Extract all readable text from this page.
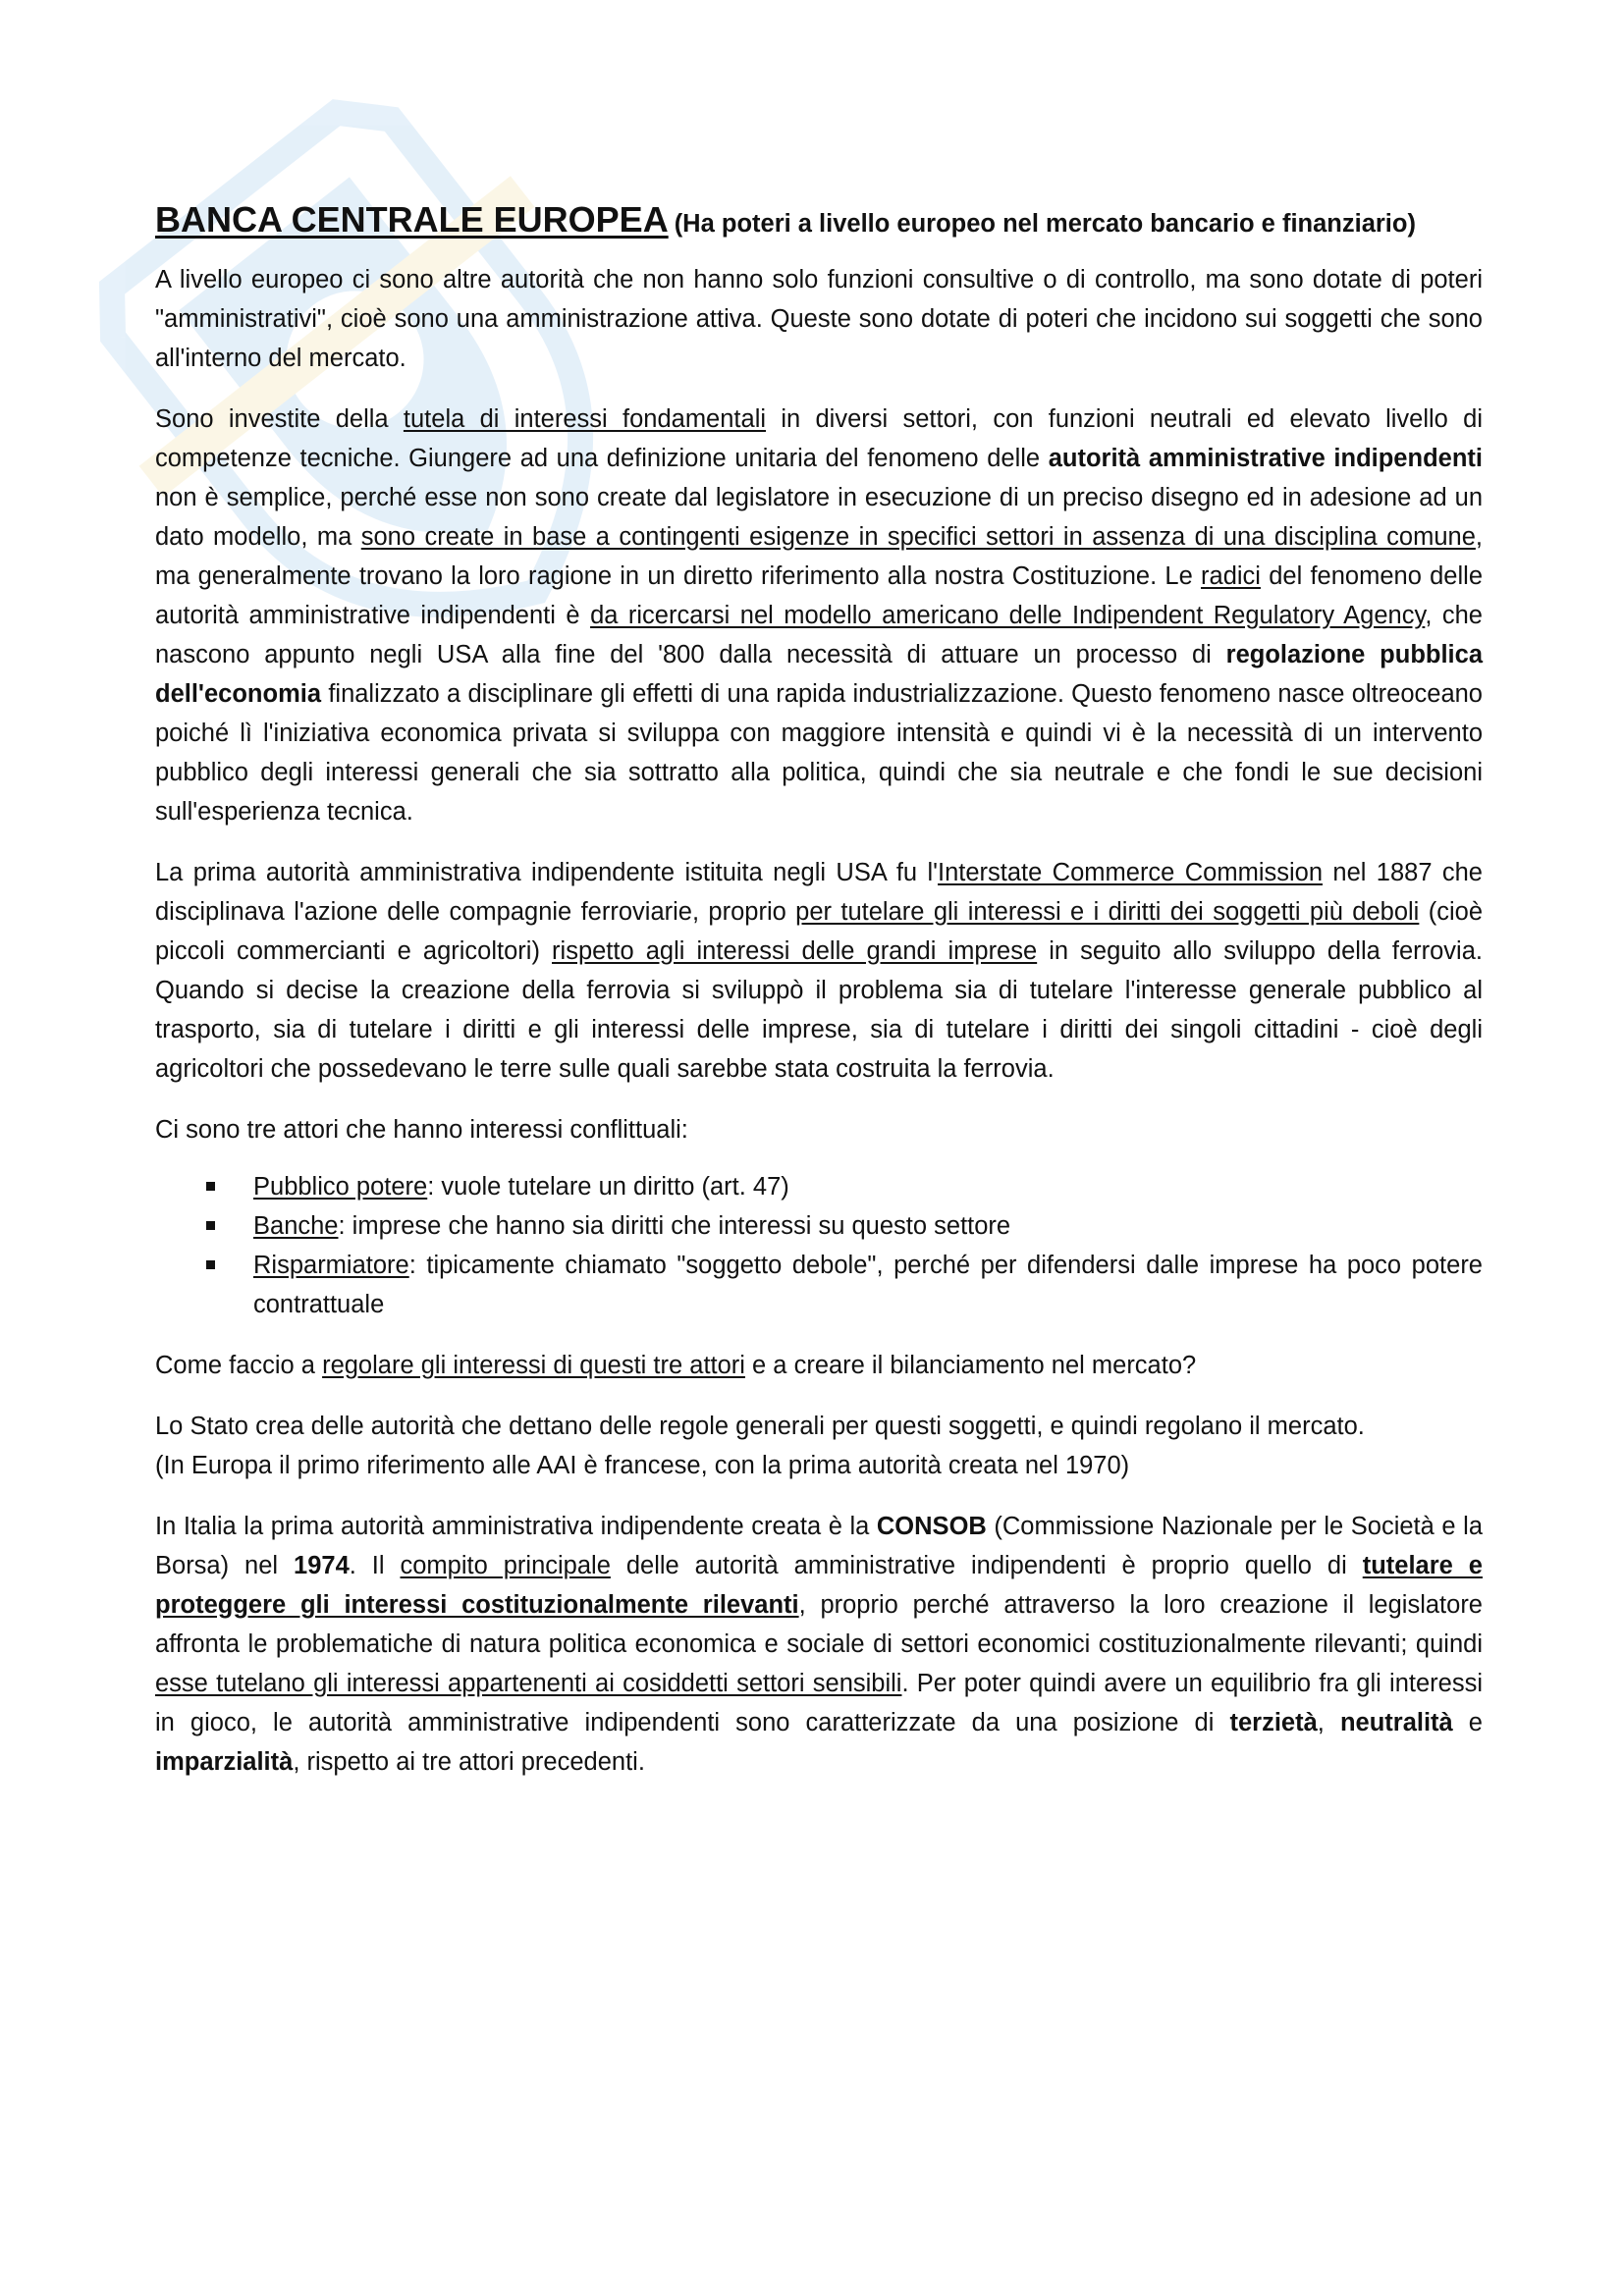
BANCA CENTRALE EUROPEA (Ha poteri a livello europeo nel mercato bancario e finanziario)

A livello europeo ci sono altre autorità che non hanno solo funzioni consultive o di controllo, ma sono dotate di poteri "amministrativi", cioè sono una amministrazione attiva. Queste sono dotate di poteri che incidono sui soggetti che sono all'interno del mercato.

Sono investite della tutela di interessi fondamentali in diversi settori, con funzioni neutrali ed elevato livello di competenze tecniche. Giungere ad una definizione unitaria del fenomeno delle autorità amministrative indipendenti non è semplice, perché esse non sono create dal legislatore in esecuzione di un preciso disegno ed in adesione ad un dato modello, ma sono create in base a contingenti esigenze in specifici settori in assenza di una disciplina comune, ma generalmente trovano la loro ragione in un diretto riferimento alla nostra Costituzione. Le radici del fenomeno delle autorità amministrative indipendenti è da ricercarsi nel modello americano delle Indipendent Regulatory Agency, che nascono appunto negli USA alla fine del '800 dalla necessità di attuare un processo di regolazione pubblica dell'economia finalizzato a disciplinare gli effetti di una rapida industrializzazione. Questo fenomeno nasce oltreoceano poiché lì l'iniziativa economica privata si sviluppa con maggiore intensità e quindi vi è la necessità di un intervento pubblico degli interessi generali che sia sottratto alla politica, quindi che sia neutrale e che fondi le sue decisioni sull'esperienza tecnica.

La prima autorità amministrativa indipendente istituita negli USA fu l'Interstate Commerce Commission nel 1887 che disciplinava l'azione delle compagnie ferroviarie, proprio per tutelare gli interessi e i diritti dei soggetti più deboli (cioè piccoli commercianti e agricoltori) rispetto agli interessi delle grandi imprese in seguito allo sviluppo della ferrovia. Quando si decise la creazione della ferrovia si sviluppò il problema sia di tutelare l'interesse generale pubblico al trasporto, sia di tutelare i diritti e gli interessi delle imprese, sia di tutelare i diritti dei singoli cittadini - cioè degli agricoltori che possedevano le terre sulle quali sarebbe stata costruita la ferrovia.

Ci sono tre attori che hanno interessi conflittuali:

Pubblico potere: vuole tutelare un diritto (art. 47)
Banche: imprese che hanno sia diritti che interessi su questo settore
Risparmiatore: tipicamente chiamato "soggetto debole", perché per difendersi dalle imprese ha poco potere contrattuale

Come faccio a regolare gli interessi di questi tre attori e a creare il bilanciamento nel mercato?

Lo Stato crea delle autorità che dettano delle regole generali per questi soggetti, e quindi regolano il mercato.
(In Europa il primo riferimento alle AAI è francese, con la prima autorità creata nel 1970)

In Italia la prima autorità amministrativa indipendente creata è la CONSOB (Commissione Nazionale per le Società e la Borsa) nel 1974. Il compito principale delle autorità amministrative indipendenti è proprio quello di tutelare e proteggere gli interessi costituzionalmente rilevanti, proprio perché attraverso la loro creazione il legislatore affronta le problematiche di natura politica economica e sociale di settori economici costituzionalmente rilevanti; quindi esse tutelano gli interessi appartenenti ai cosiddetti settori sensibili. Per poter quindi avere un equilibrio fra gli interessi in gioco, le autorità amministrative indipendenti sono caratterizzate da una posizione di terzietà, neutralità e imparzialità, rispetto ai tre attori precedenti.
